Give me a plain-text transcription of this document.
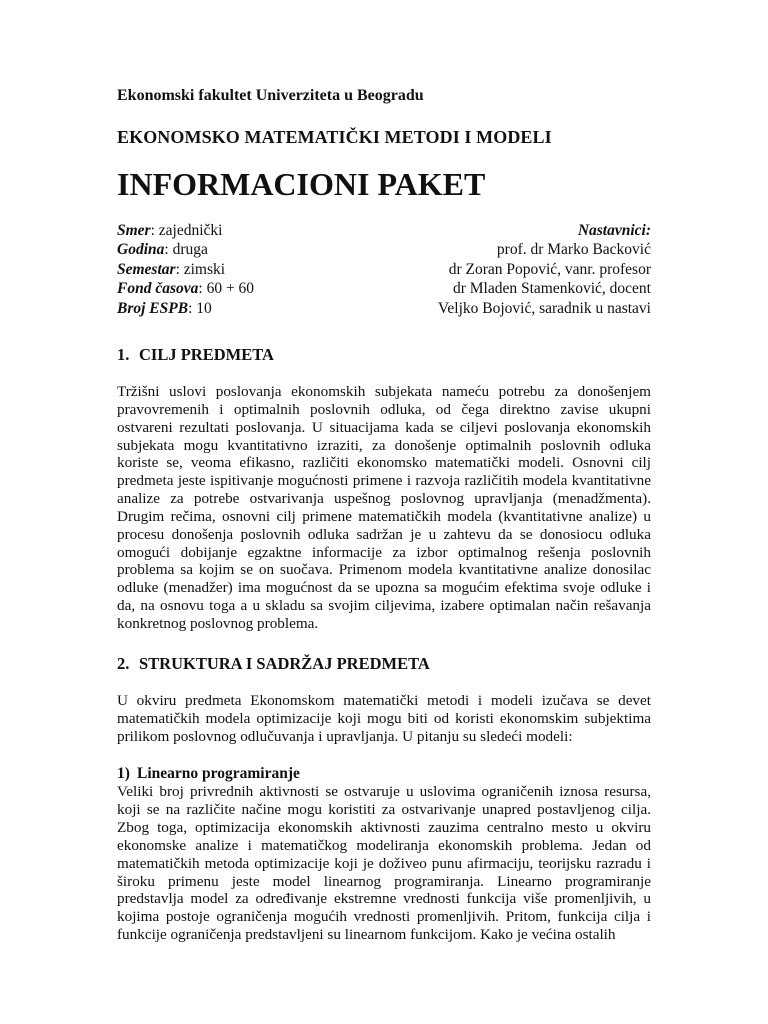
Ekonomski fakultet Univerziteta u Beogradu

EKONOMSKO MATEMATIČKI METODI I MODELI

INFORMACIONI PAKET

Smer: zajednički
Godina: druga
Semestar: zimski
Fond časova: 60 + 60
Broj ESPB: 10
Nastavnici:
prof. dr Marko Backović
dr Zoran Popović, vanr. profesor
dr Mladen Stamenković, docent
Veljko Bojović, saradnik u nastavi
1. CILJ PREDMETA

Tržišni uslovi poslovanja ekonomskih subjekata nameću potrebu za donošenjem pravovremenih i optimalnih poslovnih odluka, od čega direktno zavise ukupni ostvareni rezultati poslovanja. U situacijama kada se ciljevi poslovanja ekonomskih subjekata mogu kvantitativno izraziti, za donošenje optimalnih poslovnih odluka koriste se, veoma efikasno, različiti ekonomsko matematički modeli. Osnovni cilj predmeta jeste ispitivanje mogućnosti primene i razvoja različitih modela kvantitativne analize za potrebe ostvarivanja uspešnog poslovnog upravljanja (menadžmenta). Drugim rečima, osnovni cilj primene matematičkih modela (kvantitativne analize) u procesu donošenja poslovnih odluka sadržan je u zahtevu da se donosiocu odluka omogući dobijanje egzaktne informacije za izbor optimalnog rešenja poslovnih problema sa kojim se on suočava. Primenom modela kvantitativne analize donosilac odluke (menadžer) ima mogućnost da se upozna sa mogućim efektima svoje odluke i da, na osnovu toga a u skladu sa svojim ciljevima, izabere optimalan način rešavanja konkretnog poslovnog problema.

2. STRUKTURA I SADRŽAJ PREDMETA

U okviru predmeta Ekonomskom matematički metodi i modeli izučava se devet matematičkih modela optimizacije koji mogu biti od koristi ekonomskim subjektima prilikom poslovnog odlučuvanja i upravljanja. U pitanju su sledeći modeli:

1) Linearno programiranje

Veliki broj privrednih aktivnosti se ostvaruje u uslovima ograničenih iznosa resursa, koji se na različite načine mogu koristiti za ostvarivanje unapred postavljenog cilja. Zbog toga, optimizacija ekonomskih aktivnosti zauzima centralno mesto u okviru ekonomske analize i matematičkog modeliranja ekonomskih problema. Jedan od matematičkih metoda optimizacije koji je doživeo punu afirmaciju, teorijsku razradu i široku primenu jeste model linearnog programiranja. Linearno programiranje predstavlja model za određivanje ekstremne vrednosti funkcija više promenljivih, u kojima postoje ograničenja mogućih vrednosti promenljivih. Pritom, funkcija cilja i funkcije ograničenja predstavljeni su linearnom funkcijom. Kako je većina ostalih
